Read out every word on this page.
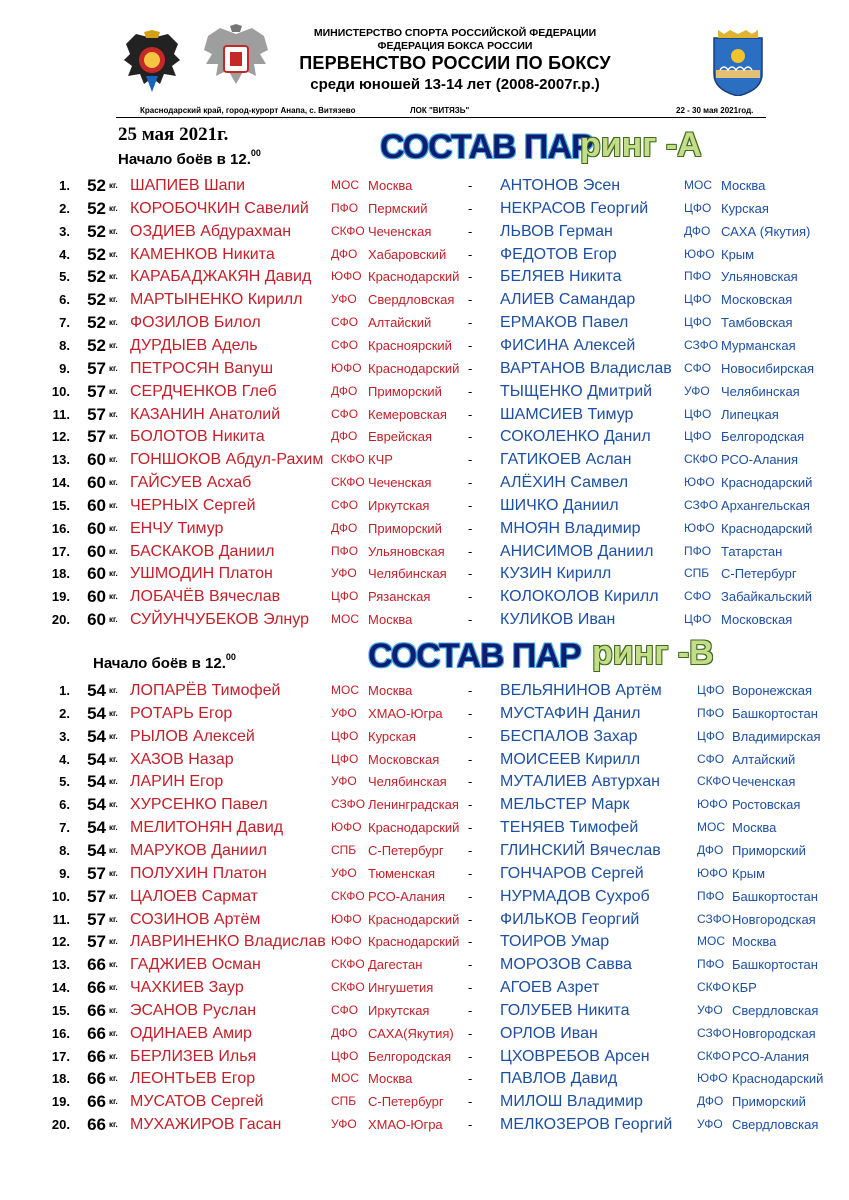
МИНИСТЕРСТВО СПОРТА РОССИЙСКОЙ ФЕДЕРАЦИИ
ФЕДЕРАЦИЯ БОКСА РОССИИ
ПЕРВЕНСТВО РОССИИ ПО БОКСУ
среди юношей 13-14 лет (2008-2007г.р.)
Краснодарский край, город-курорт Анапа, с. Витязево	ЛОК "ВИТЯЗЬ"	22 - 30 мая 2021год.
25 мая 2021г.
Начало боёв в 12.00	СОСТАВ ПАР
ринг -А
1. 52 кг. ШАПИЕВ Шапи	МОС Москва	- АНТОНОВ Эсен	МОС Москва
2. 52 кг. КОРОБОЧКИН Савелий ПФО Пермский	- НЕКРАСОВ Георгий	ЦФО Курская
3. 52 кг. ОЗДИЕВ Абдурахман	СКФО Чеченская	- ЛЬВОВ Герман	ДФО САХА (Якутия)
4. 52 кг. КАМЕНКОВ Никита	ДФО Хабаровский - ФЕДОТОВ Егор	ЮФО Крым
5. 52 кг. КАРАБАДЖАКЯН Давид ЮФО Краснодарский - БЕЛЯЕВ Никита	ПФО Ульяновская
6. 52 кг. МАРТЫНЕНКО Кирилл УФО Свердловская - АЛИЕВ Самандар	ЦФО Московская
7. 52 кг. ФОЗИЛОВ Билол	СФО Алтайский	- ЕРМАКОВ Павел	ЦФО Тамбовская
8. 52 кг. ДУРДЫЕВ Адель	СФО Красноярский - ФИСИНА Алексей	СЗФО Мурманская
9. 57 кг. ПЕТРОСЯН Ваnуш	ЮФО Краснодарский - ВАРТАНОВ Владислав СФО Новосибирская
10. 57 кг. СЕРДЧЕНКОВ Глеб	ДФО Приморский - ТЫЩЕНКО Дмитрий	УФО Челябинская
11. 57 кг. КАЗАНИН Анатолий	СФО Кемеровская - ШАМСИЕВ Тимур	ЦФО Липецкая
12. 57 кг. БОЛОТОВ Никита	ДФО Еврейская	- СОКОЛЕНКО Данил	ЦФО Белгородская
13. 60 кг. ГОНШОКОВ Абдул-Рахим СКФО КЧР	- ГАТИКОЕВ Аслан	СКФО РСО-Алания
14. 60 кг. ГАЙСУЕВ Асхаб	СКФО Чеченская	- АЛЁХИН Самвел	ЮФО Краснодарский
15. 60 кг. ЧЕРНЫХ Сергей	СФО Иркутская	- ШИЧКО Даниил	СЗФО Архангельская
16. 60 кг. ЕНЧУ Тимур	ДФО Приморский - МНОЯН Владимир	ЮФО Краснодарский
17. 60 кг. БАСКАКОВ Даниил	ПФО Ульяновская - АНИСИМОВ Даниил	ПФО Татарстан
18. 60 кг. УШМОДИН Платон	УФО Челябинская - КУЗИН Кирилл	СПБ С-Петербург
19. 60 кг. ЛОБАЧЁВ Вячеслав	ЦФО Рязанская	- КОЛОКОЛОВ Кирилл СФО Забайкальский
20. 60 кг. СУЙУНЧУБЕКОВ Элнур МОС Москва	- КУЛИКОВ Иван	ЦФО Московская
Начало боёв в 12.00	СОСТАВ ПАР ринг -В
1. 54 кг. ЛОПАРЁВ Тимофей	МОС Москва	- ВЕЛЬЯНИНОВ Артём	ЦФО Воронежская
2. 54 кг. РОТАРЬ Егор	УФО ХМАО-Югра - МУСТАФИН Данил	ПФО Башкортостан
3. 54 кг. РЫЛОВ Алексей	ЦФО Курская	- БЕСПАЛОВ Захар	ЦФО Владимирская
4. 54 кг. ХАЗОВ Назар	ЦФО Московская - МОИСЕЕВ Кирилл	СФО Алтайский
5. 54 кг. ЛАРИН Егор	УФО Челябинская - МУТАЛИЕВ Автурхан	СКФО Чеченская
6. 54 кг. ХУРСЕНКО Павел	СЗФО Ленинградская - МЕЛЬСТЕР Марк	ЮФО Ростовская
7. 54 кг. МЕЛИТОНЯН Давид	ЮФО Краснодарский - ТЕНЯЕВ Тимофей	МОС Москва
8. 54 кг. МАРУКОВ Даниил	СПБ С-Петербург - ГЛИНСКИЙ Вячеслав	ДФО Приморский
9. 57 кг. ПОЛУХИН Платон	УФО Тюменская	- ГОНЧАРОВ Сергей	ЮФО Крым
10. 57 кг. ЦАЛОЕВ Сармат	СКФО РСО-Алания - НУРМАДОВ Сухроб	ПФО Башкортостан
11. 57 кг. СОЗИНОВ Артём	ЮФО Краснодарский - ФИЛЬКОВ Георгий	СЗФО Новгородская
12. 57 кг. ЛАВРИНЕНКО Владислав ЮФО Краснодарский - ТОИРОВ Умар	МОС Москва
13. 66 кг. ГАДЖИЕВ Осман	СКФО Дагестан	- МОРОЗОВ Савва	ПФО Башкортостан
14. 66 кг. ЧАХКИЕВ Заур	СКФО Ингушетия	- АГОЕВ Азрет	СКФО КБР
15. 66 кг. ЭСАНОВ Руслан	СФО Иркутская	- ГОЛУБЕВ Никита	УФО Свердловская
16. 66 кг. ОДИНАЕВ Амир	ДФО САХА(Якутия) - ОРЛОВ Иван	СЗФО Новгородская
17. 66 кг. БЕРЛИЗЕВ Илья	ЦФО Белгородская - ЦХОВРЕБОВ Арсен	СКФО РСО-Алания
18. 66 кг. ЛЕОНТЬЕВ Егор	МОС Москва	- ПАВЛОВ Давид	ЮФО Краснодарский
19. 66 кг. МУСАТОВ Сергей	СПБ С-Петербург - МИЛОШ Владимир	ДФО Приморский
20. 66 кг. МУХАЖИРОВ Гасан	УФО ХМАО-Югра - МЕЛКОЗЕРОВ Георгий УФО Свердловская
